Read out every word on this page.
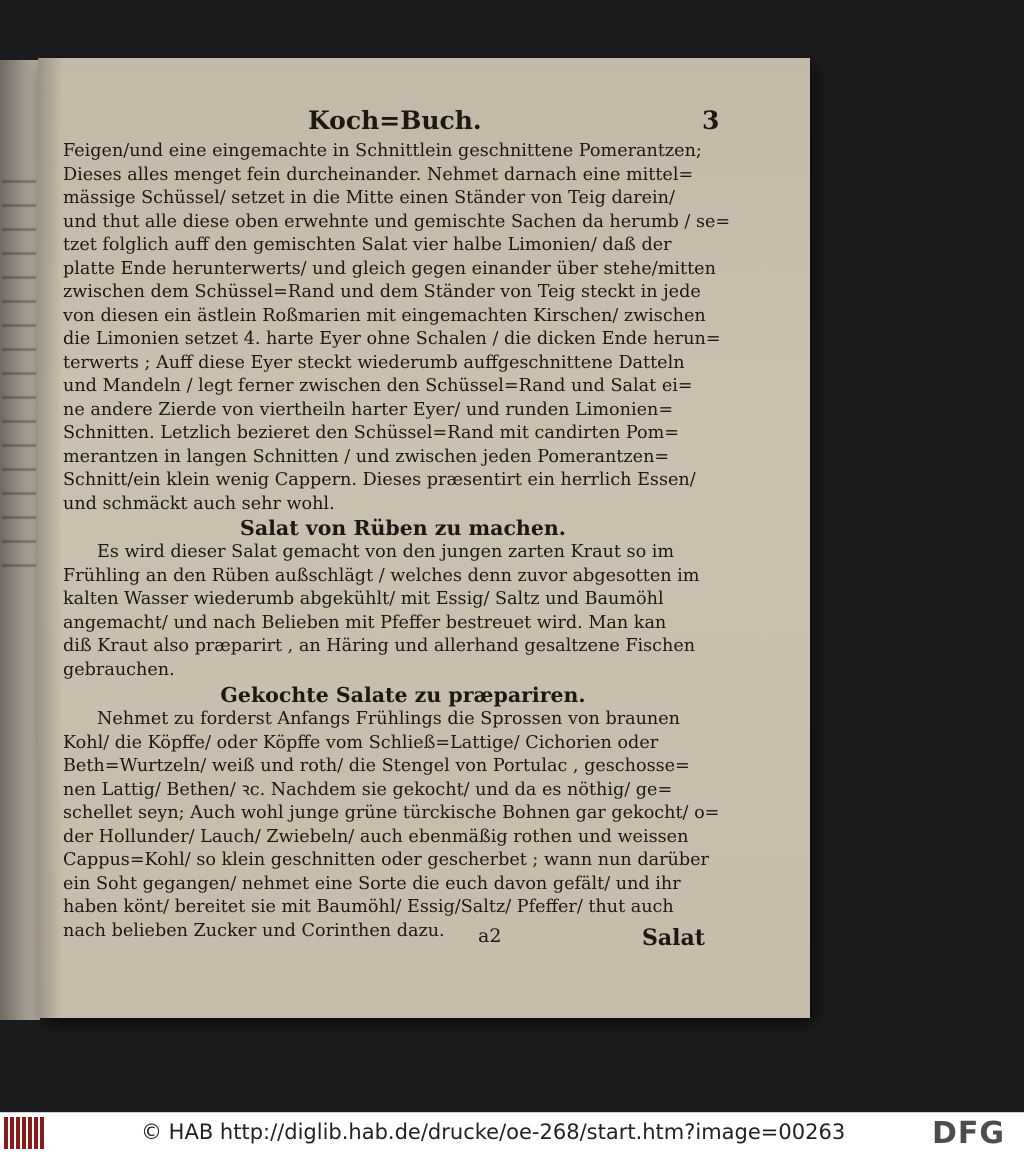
Koch=Buch.	3
Feigen/und eine eingemachte in Schnittlein geschnittene Pomerantzen;
Dieses alles menget fein durcheinander. Nehmet darnach eine mittel=
mässige Schüssel/ setzet in die Mitte einen Ständer von Teig darein/
und thut alle diese oben erwehnte und gemischte Sachen da herumb / se=
tzet folglich auff den gemischten Salat vier halbe Limonien/ daß der
platte Ende herunterwerts/ und gleich gegen einander über stehe/mitten
zwischen dem Schüssel=Rand und dem Ständer von Teig steckt in jede
von diesen ein ästlein Roßmarien mit eingemachten Kirschen/ zwischen
die Limonien setzet 4. harte Eyer ohne Schalen / die dicken Ende herun=
terwerts ; Auff diese Eyer steckt wiederumb auffgeschnittene Datteln
und Mandeln / legt ferner zwischen den Schüssel=Rand und Salat ei=
ne andere Zierde von viertheiln harter Eyer/ und runden Limonien=
Schnitten. Letzlich bezieret den Schüssel=Rand mit candirten Pom=
merantzen in langen Schnitten / und zwischen jeden Pomerantzen=
Schnitt/ein klein wenig Cappern. Dieses præsentirt ein herrlich Essen/
und schmäckt auch sehr wohl.
Salat von Rüben zu machen.
Es wird dieser Salat gemacht von den jungen zarten Kraut so im
Frühling an den Rüben außschlägt / welches denn zuvor abgesotten im
kalten Wasser wiederumb abgekühlt/ mit Essig/ Saltz und Baumöhl
angemacht/ und nach Belieben mit Pfeffer bestreuet wird. Man kan
diß Kraut also præparirt , an Häring und allerhand gesaltzene Fischen
gebrauchen.
Gekochte Salate zu præpariren.
Nehmet zu forderst Anfangs Frühlings die Sprossen von braunen
Kohl/ die Köpffe/ oder Köpffe vom Schließ=Lattige/ Cichorien oder
Beth=Wurtzeln/ weiß und roth/ die Stengel von Portulac , geschosse=
nen Lattig/ Bethen/ ꝛc. Nachdem sie gekocht/ und da es nöthig/ ge=
schellet seyn; Auch wohl junge grüne türckische Bohnen gar gekocht/ o=
der Hollunder/ Lauch/ Zwiebeln/ auch ebenmäßig rothen und weissen
Cappus=Kohl/ so klein geschnitten oder gescherbet ; wann nun darüber
ein Soht gegangen/ nehmet eine Sorte die euch davon gefält/ und ihr
haben könt/ bereitet sie mit Baumöhl/ Essig/Saltz/ Pfeffer/ thut auch
nach belieben Zucker und Corinthen dazu.	a2	Salat
© HAB http://diglib.hab.de/drucke/oe-268/start.htm?image=00263	DFG
